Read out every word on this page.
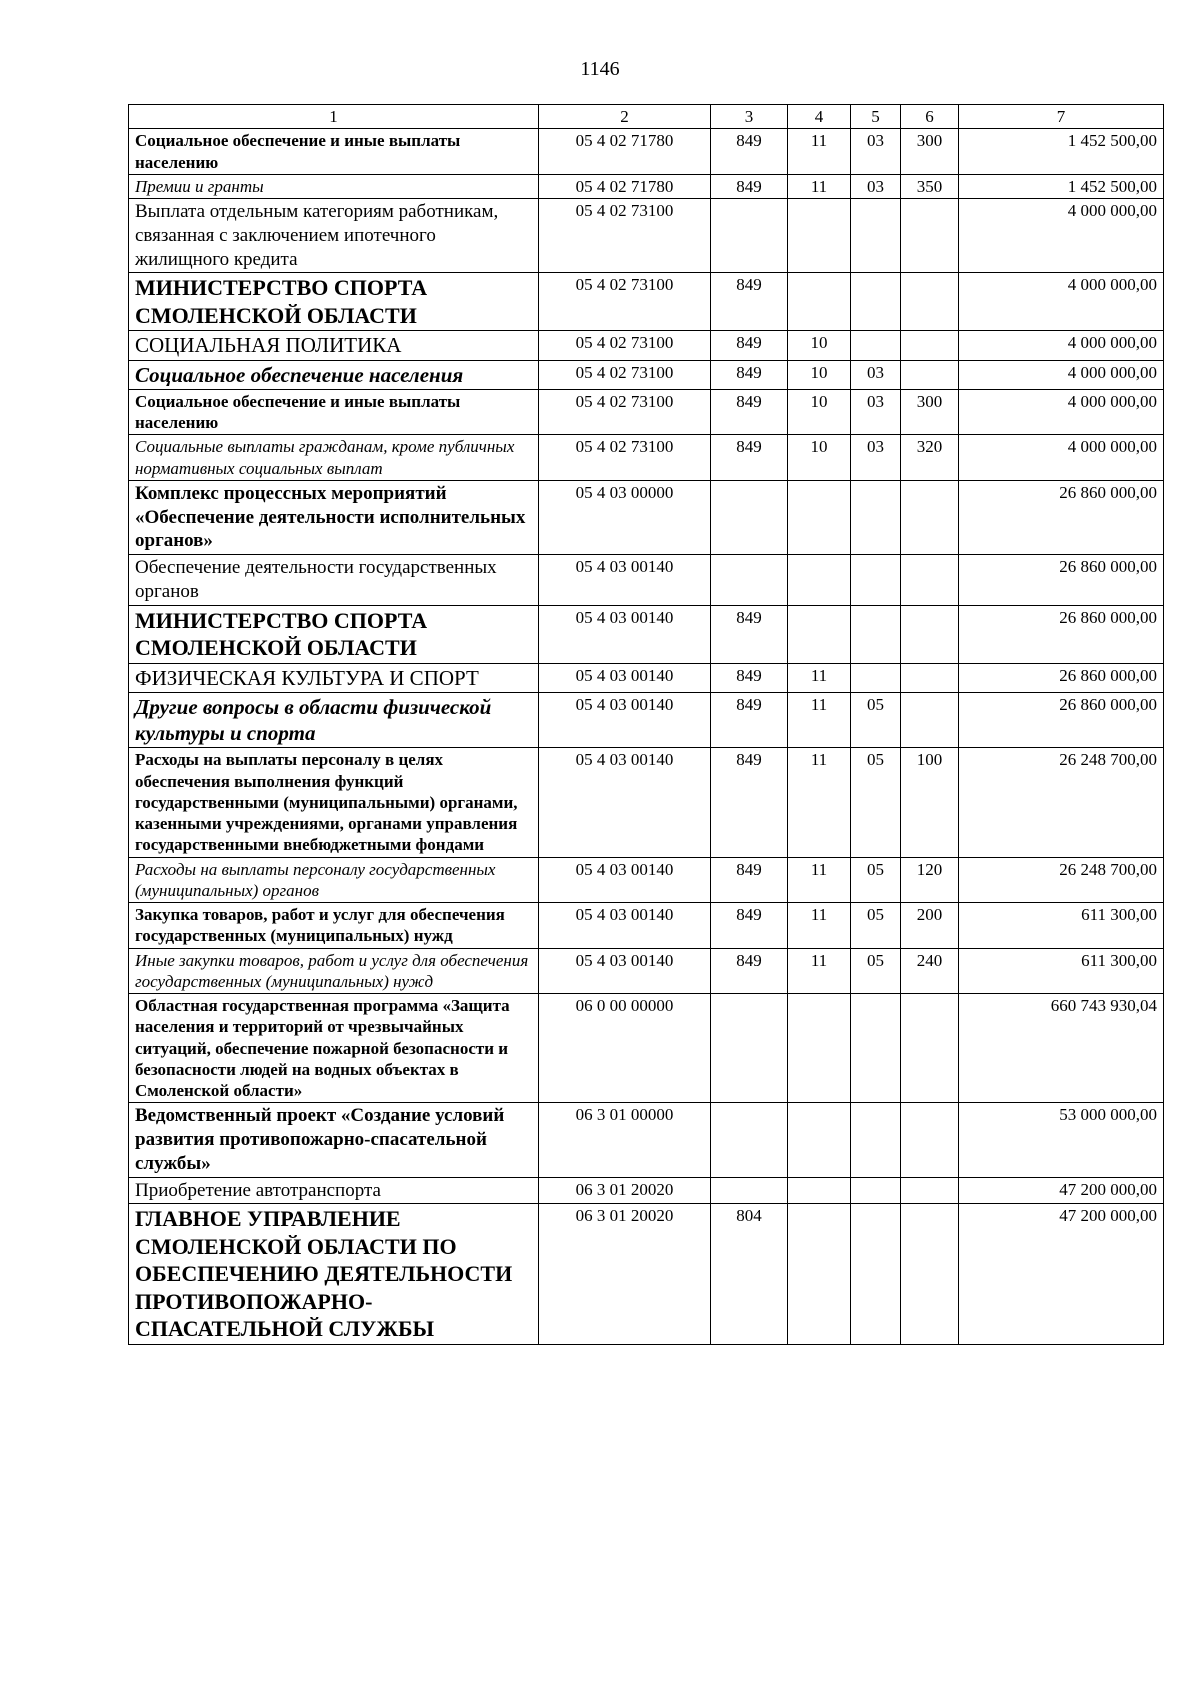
1146
1	2	3	4	5	6	7
Социальное обеспечение и иные выплаты населению	05 4 02 71780	849	11	03	300	1 452 500,00
Премии и гранты	05 4 02 71780	849	11	03	350	1 452 500,00
Выплата отдельным категориям работникам, связанная с заключением ипотечного жилищного кредита	05 4 02 73100					4 000 000,00
МИНИСТЕРСТВО СПОРТА СМОЛЕНСКОЙ ОБЛАСТИ	05 4 02 73100	849				4 000 000,00
СОЦИАЛЬНАЯ ПОЛИТИКА	05 4 02 73100	849	10			4 000 000,00
Социальное обеспечение населения	05 4 02 73100	849	10	03		4 000 000,00
Социальное обеспечение и иные выплаты населению	05 4 02 73100	849	10	03	300	4 000 000,00
Социальные выплаты гражданам, кроме публичных нормативных социальных выплат	05 4 02 73100	849	10	03	320	4 000 000,00
Комплекс процессных мероприятий «Обеспечение деятельности исполнительных органов»	05 4 03 00000					26 860 000,00
Обеспечение деятельности государственных органов	05 4 03 00140					26 860 000,00
МИНИСТЕРСТВО СПОРТА СМОЛЕНСКОЙ ОБЛАСТИ	05 4 03 00140	849				26 860 000,00
ФИЗИЧЕСКАЯ КУЛЬТУРА И СПОРТ	05 4 03 00140	849	11			26 860 000,00
Другие вопросы в области физической культуры и спорта	05 4 03 00140	849	11	05		26 860 000,00
Расходы на выплаты персоналу в целях обеспечения выполнения функций государственными (муниципальными) органами, казенными учреждениями, органами управления государственными внебюджетными фондами	05 4 03 00140	849	11	05	100	26 248 700,00
Расходы на выплаты персоналу государственных (муниципальных) органов	05 4 03 00140	849	11	05	120	26 248 700,00
Закупка товаров, работ и услуг для обеспечения государственных (муниципальных) нужд	05 4 03 00140	849	11	05	200	611 300,00
Иные закупки товаров, работ и услуг для обеспечения государственных (муниципальных) нужд	05 4 03 00140	849	11	05	240	611 300,00
Областная государственная программа «Защита населения и территорий от чрезвычайных ситуаций, обеспечение пожарной безопасности и безопасности людей на водных объектах в Смоленской области»	06 0 00 00000					660 743 930,04
Ведомственный проект «Создание условий развития противопожарно-спасательной службы»	06 3 01 00000					53 000 000,00
Приобретение автотранспорта	06 3 01 20020					47 200 000,00
ГЛАВНОЕ УПРАВЛЕНИЕ СМОЛЕНСКОЙ ОБЛАСТИ ПО ОБЕСПЕЧЕНИЮ ДЕЯТЕЛЬНОСТИ ПРОТИВОПОЖАРНО-СПАСАТЕЛЬНОЙ СЛУЖБЫ	06 3 01 20020	804				47 200 000,00
